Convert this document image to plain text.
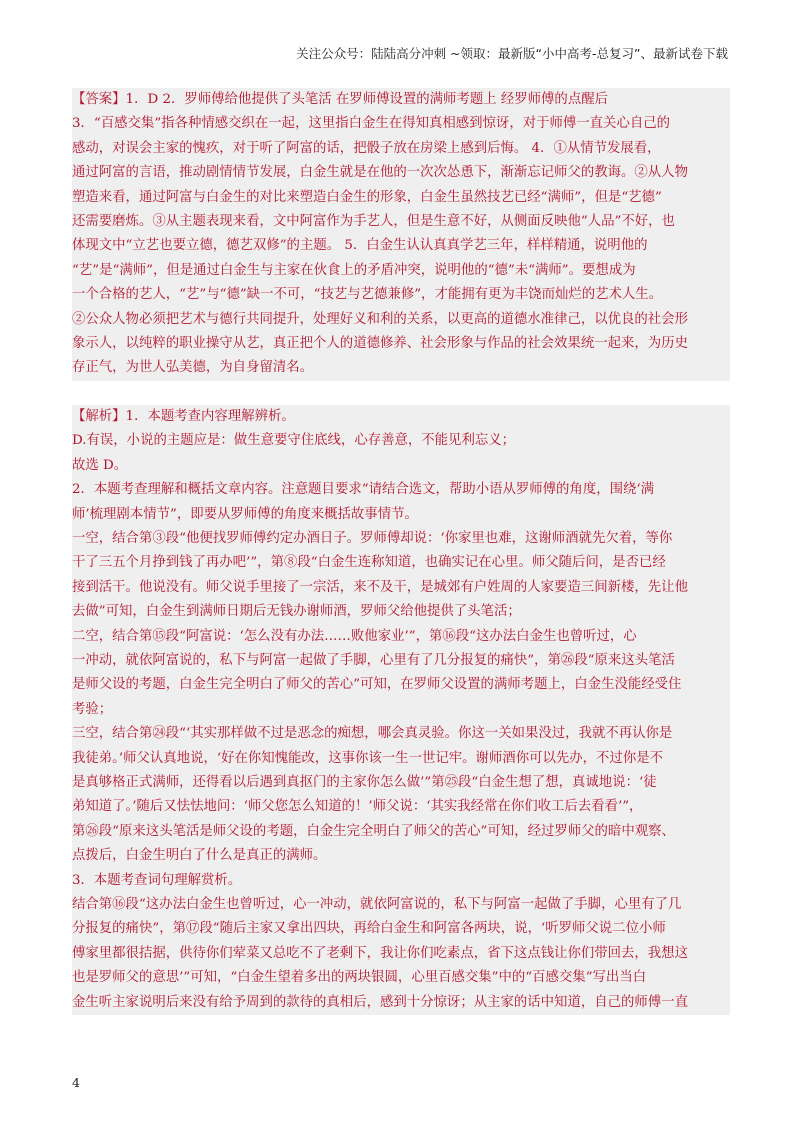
关注公众号：陆陆高分冲刺 ~领取：最新版“小中高考-总复习”、最新试卷下载
【答案】1．D 2．罗师傅给他提供了头笔活 在罗师傅设置的满师考题上 经罗师傅的点醒后
3．“百感交集”指各种情感交织在一起，这里指白金生在得知真相感到惊讶，对于师傅一直关心自己的
感动，对误会主家的愧疚，对于听了阿富的话，把骰子放在房梁上感到后悔。 4．①从情节发展看，
通过阿富的言语，推动剧情情节发展，白金生就是在他的一次次怂恿下，渐渐忘记师父的教诲。②从人物
塑造来看，通过阿富与白金生的对比来塑造白金生的形象，白金生虽然技艺已经“满师”，但是“艺德”
还需要磨炼。③从主题表现来看，文中阿富作为手艺人，但是生意不好，从侧面反映他“人品”不好，也
体现文中“立艺也要立德，德艺双修”的主题。 5．白金生认认真真学艺三年，样样精通，说明他的
“艺”是“满师”，但是通过白金生与主家在伙食上的矛盾冲突，说明他的“德”未“满师”。要想成为
一个合格的艺人，“艺”与“德”缺一不可，“技艺与艺德兼修”，才能拥有更为丰饶而灿烂的艺术人生。
②公众人物必须把艺术与德行共同提升，处理好义和利的关系，以更高的道德水准律己，以优良的社会形
象示人，以纯粹的职业操守从艺，真正把个人的道德修养、社会形象与作品的社会效果统一起来，为历史
存正气，为世人弘美德，为自身留清名。
【解析】1．本题考查内容理解辨析。
D.有误，小说的主题应是：做生意要守住底线，心存善意，不能见利忘义；
故选 D。
2．本题考查理解和概括文章内容。注意题目要求“请结合选文，帮助小语从罗师傅的角度，围绕‘满
师’梳理剧本情节”，即要从罗师傅的角度来概括故事情节。
一空，结合第③段“他便找罗师傅约定办酒日子。罗师傅却说：‘你家里也难，这谢师酒就先欠着，等你
干了三五个月挣到钱了再办吧’”，第⑧段“白金生连称知道，也确实记在心里。师父随后问，是否已经
接到活干。他说没有。师父说手里接了一宗活，来不及干，是城郊有户姓周的人家要造三间新楼，先让他
去做”可知，白金生到满师日期后无钱办谢师酒，罗师父给他提供了头笔活；
二空，结合第⑮段“阿富说：‘怎么没有办法……败他家业’”，第⑯段“这办法白金生也曾听过，心
一冲动，就依阿富说的，私下与阿富一起做了手脚，心里有了几分报复的痛快”，第㉖段“原来这头笔活
是师父设的考题，白金生完全明白了师父的苦心”可知，在罗师父设置的满师考题上，白金生没能经受住
考验；
三空，结合第㉔段“‘其实那样做不过是恶念的痴想，哪会真灵验。你这一关如果没过，我就不再认你是
我徒弟。’师父认真地说，‘好在你知愧能改，这事你该一生一世记牢。谢师酒你可以先办，不过你是不
是真够格正式满师，还得看以后遇到真抠门的主家你怎么做’”第㉕段“白金生想了想，真诚地说：‘徒
弟知道了。’随后又怯怯地问：‘师父您怎么知道的！’师父说：‘其实我经常在你们收工后去看看’”，
第㉖段“原来这头笔活是师父设的考题，白金生完全明白了师父的苦心”可知，经过罗师父的暗中观察、
点拨后，白金生明白了什么是真正的满师。
3．本题考查词句理解赏析。
结合第⑯段“这办法白金生也曾听过，心一冲动，就依阿富说的，私下与阿富一起做了手脚，心里有了几
分报复的痛快”，第⑰段“随后主家又拿出四块，再给白金生和阿富各两块，说，‘听罗师父说二位小师
傅家里都很拮据，供待你们荤菜又总吃不了老剩下，我让你们吃素点，省下这点钱让你们带回去，我想这
也是罗师父的意思’”可知，“白金生望着多出的两块银圆，心里百感交集”中的“百感交集”写出当白
金生听主家说明后来没有给予周到的款待的真相后，感到十分惊讶；从主家的话中知道，自己的师傅一直
4
